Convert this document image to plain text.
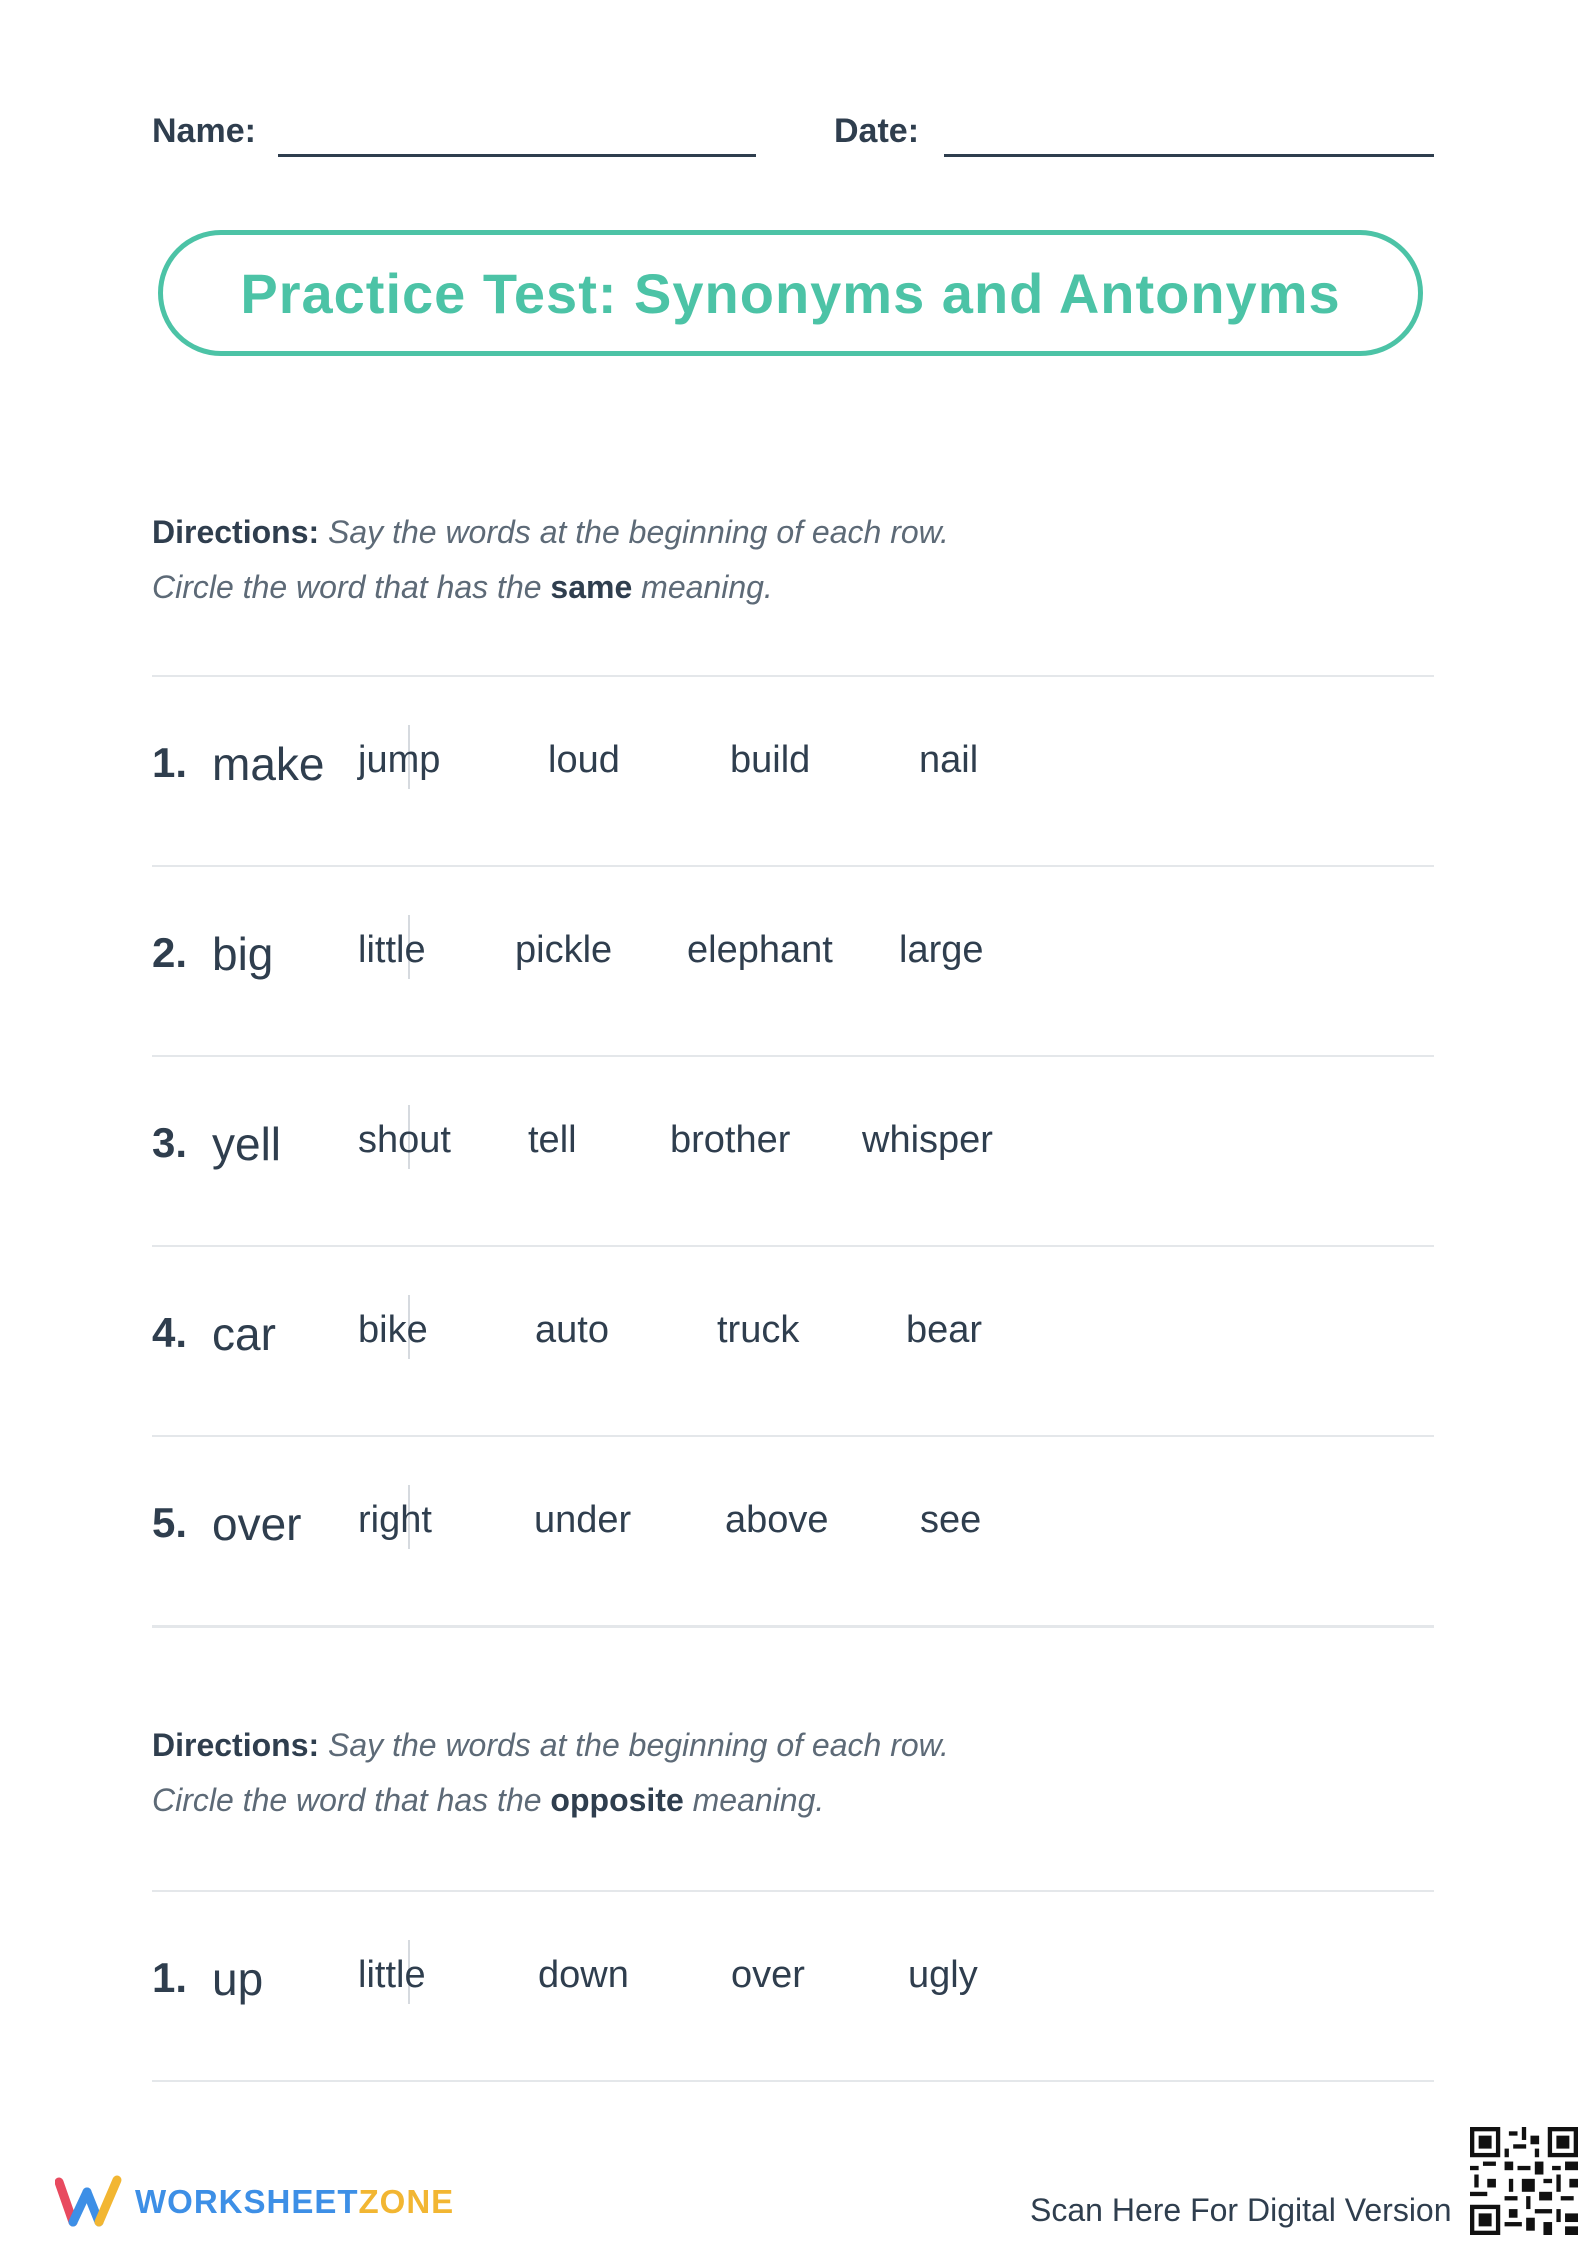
Name:	Date:
Practice Test: Synonyms and Antonyms
Directions: Say the words at the beginning of each row.
Circle the word that has the same meaning.
1. make jump	loud	build	nail
2. big little pickle elephant large
3. yell shout tell brother whisper
4. car bike	auto	truck	bear
5. over right	under above see
Directions: Say the words at the beginning of each row.
Circle the word that has the opposite meaning.
1. up little	down	over	ugly
WORKSHEETZONE	Scan Here For Digital Version
